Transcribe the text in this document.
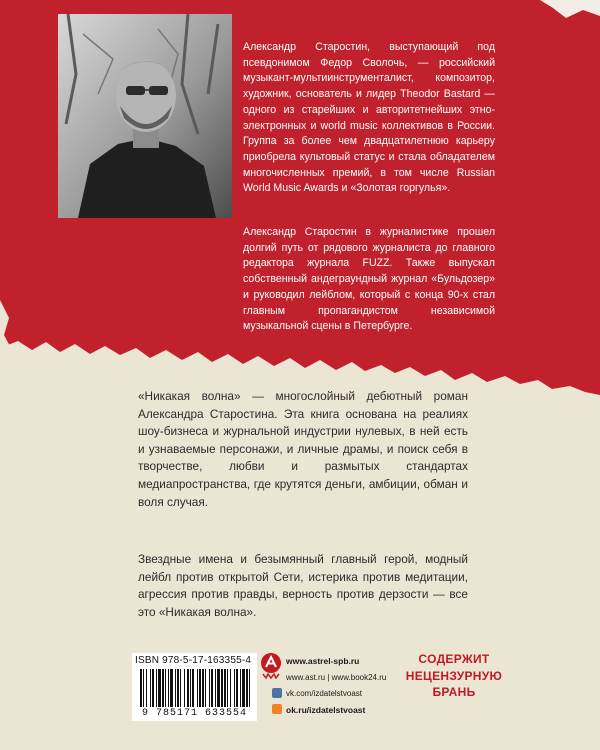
Александр Старостин, выступающий под псевдонимом Федор Сволочь, — российский музыкант-мультиинструменталист, композитор, художник, основатель и лидер Theodor Bastard — одного из старейших и авторитетнейших этно-электронных и world music коллективов в России. Группа за более чем двадцатилетнюю карьеру приобрела культовый статус и стала обладателем многочисленных премий, в том числе Russian World Music Awards и «Золотая горгулья».

Александр Старостин в журналистике прошел долгий путь от рядового журналиста до главного редактора журнала FUZZ. Также выпускал собственный андеграундный журнал «Бульдозер» и руководил лейблом, который с конца 90-х стал главным пропагандистом независимой музыкальной сцены в Петербурге.

«Никакая волна» — многослойный дебютный роман Александра Старостина. Эта книга основана на реалиях шоу-бизнеса и журнальной индустрии нулевых, в ней есть и узнаваемые персонажи, и личные драмы, и поиск себя в творчестве, любви и размытых стандартах медиапространства, где крутятся деньги, амбиции, обман и воля случая.

Звездные имена и безымянный главный герой, модный лейбл против открытой Сети, истерика против медитации, агрессия против правды, верность против дерзости — все это «Никакая волна».

ISBN 978-5-17-163355-4
9 785171 633554
www.astrel-spb.ru
www.ast.ru | www.book24.ru
vk.com/izdatelstvoast
ok.ru/izdatelstvoast

СОДЕРЖИТ
НЕЦЕНЗУРНУЮ
БРАНЬ
